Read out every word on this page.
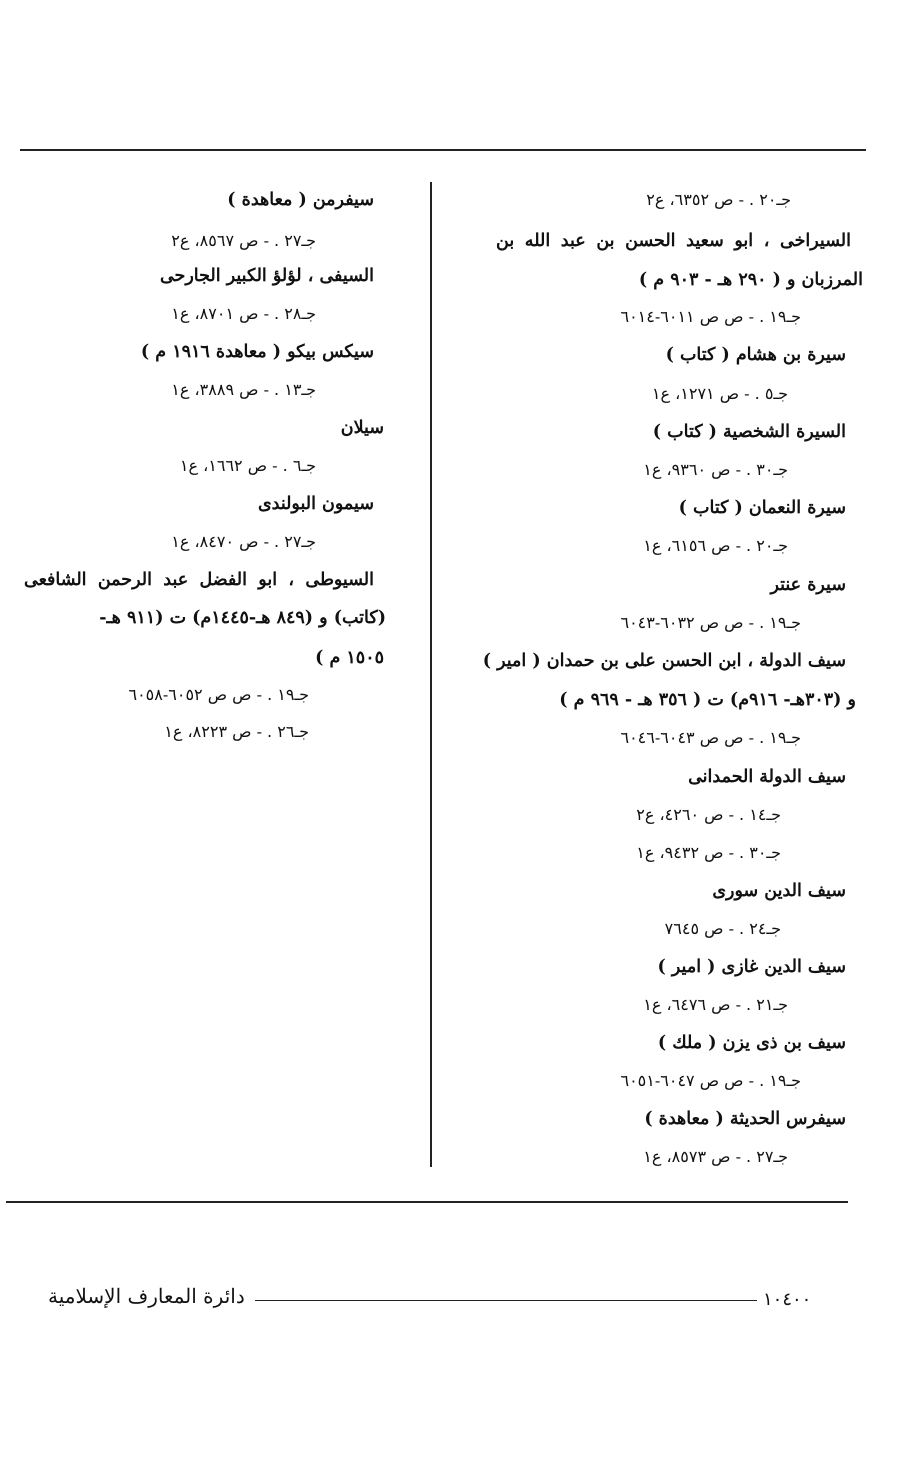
جـ٢٠ . - ص ٦٣٥٢، ع٢
السيراخى ، ابو سعيد الحسن بن عبد الله بن
المرزبان و ( ٢٩٠ هـ - ٩٠٣ م )
جـ١٩ . - ص ص ٦٠١١-٦٠١٤
سيرة بن هشام ( كتاب )
جـ٥ . - ص ١٢٧١، ع١
السيرة الشخصية ( كتاب )
جـ٣٠ . - ص ٩٣٦٠، ع١
سيرة النعمان ( كتاب )
جـ٢٠ . - ص ٦١٥٦، ع١
سيرة عنتر
جـ١٩ . - ص ص ٦٠٣٢-٦٠٤٣
سيف الدولة ، ابن الحسن على بن حمدان ( امير )
و (٣٠٣هـ- ٩١٦م) ت ( ٣٥٦ هـ - ٩٦٩ م )
جـ١٩ . - ص ص ٦٠٤٣-٦٠٤٦
سيف الدولة الحمدانى
جـ١٤ . - ص ٤٢٦٠، ع٢
جـ٣٠ . - ص ٩٤٣٢، ع١
سيف الدين سورى
جـ٢٤ . - ص ٧٦٤٥
سيف الدين غازى ( امير )
جـ٢١ . - ص ٦٤٧٦، ع١
سيف بن ذى يزن ( ملك )
جـ١٩ . - ص ص ٦٠٤٧-٦٠٥١
سيفرس الحديثة ( معاهدة )
جـ٢٧ . - ص ٨٥٧٣، ع١
سيفرمن ( معاهدة )
جـ٢٧ . - ص ٨٥٦٧، ع٢
السيفى ، لؤلؤ الكبير الجارحى
جـ٢٨ . - ص ٨٧٠١، ع١
سيكس بيكو ( معاهدة ١٩١٦ م )
جـ١٣ . - ص ٣٨٨٩، ع١
سيلان
جـ٦ . - ص ١٦٦٢، ع١
سيمون البولندى
جـ٢٧ . - ص ٨٤٧٠، ع١
السيوطى ، ابو الفضل عبد الرحمن الشافعى
(كاتب) و (٨٤٩ هـ-١٤٤٥م) ت (٩١١ هـ-
١٥٠٥ م )
جـ١٩ . - ص ص ٦٠٥٢-٦٠٥٨
جـ٢٦ . - ص ٨٢٢٣، ع١
دائرة المعارف الإسلامية	١٠٤٠٠
